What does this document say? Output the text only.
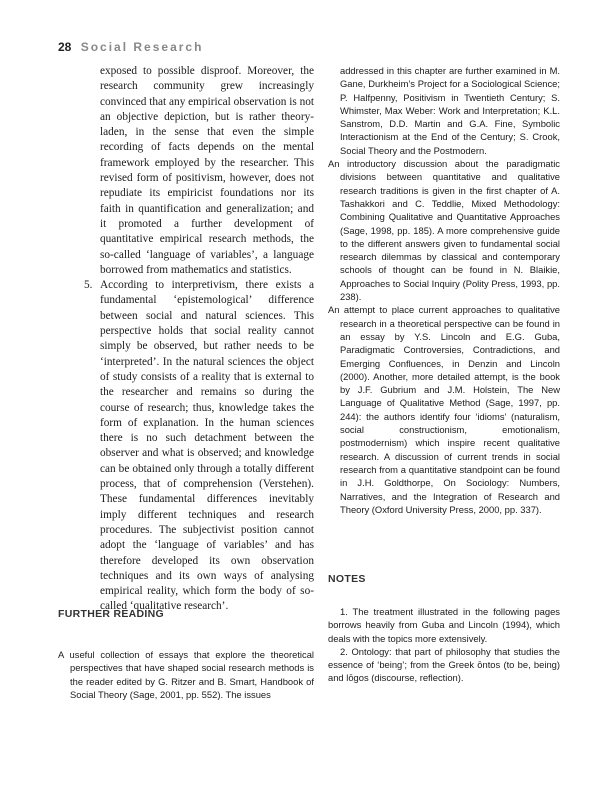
28 Social Research

exposed to possible disproof. Moreover, the research community grew increasingly convinced that any empirical observation is not an objective depiction, but is rather theory-laden, in the sense that even the simple recording of facts depends on the mental framework employed by the researcher. This revised form of positivism, however, does not repudiate its empiricist foundations nor its faith in quantification and generalization; and it promoted a further development of quantitative empirical research methods, the so-called ‘language of variables’, a language borrowed from mathematics and statistics.

5. According to interpretivism, there exists a fundamental ‘epistemological’ difference between social and natural sciences. This perspective holds that social reality cannot simply be observed, but rather needs to be ‘interpreted’. In the natural sciences the object of study consists of a reality that is external to the researcher and remains so during the course of research; thus, knowledge takes the form of explanation. In the human sciences there is no such detachment between the observer and what is observed; and knowledge can be obtained only through a totally different process, that of comprehension (Verstehen). These fundamental differences inevitably imply different techniques and research procedures. The subjectivist position cannot adopt the ‘language of variables’ and has therefore developed its own observation techniques and its own ways of analysing empirical reality, which form the body of so-called ‘qualitative research’.

addressed in this chapter are further examined in M. Gane, Durkheim’s Project for a Sociological Science; P. Halfpenny, Positivism in Twentieth Century; S. Whimster, Max Weber: Work and Interpretation; K.L. Sanstrom, D.D. Martin and G.A. Fine, Symbolic Interactionism at the End of the Century; S. Crook, Social Theory and the Postmodern.

An introductory discussion about the paradigmatic divisions between quantitative and qualitative research traditions is given in the first chapter of A. Tashakkori and C. Teddlie, Mixed Methodology: Combining Qualitative and Quantitative Approaches (Sage, 1998, pp. 185). A more comprehensive guide to the different answers given to fundamental social research dilemmas by classical and contemporary schools of thought can be found in N. Blaikie, Approaches to Social Inquiry (Polity Press, 1993, pp. 238).

An attempt to place current approaches to qualitative research in a theoretical perspective can be found in an essay by Y.S. Lincoln and E.G. Guba, Paradigmatic Controversies, Contradictions, and Emerging Confluences, in Denzin and Lincoln (2000). Another, more detailed attempt, is the book by J.F. Gubrium and J.M. Holstein, The New Language of Qualitative Method (Sage, 1997, pp. 244): the authors identify four ‘idioms’ (naturalism, social constructionism, emotionalism, postmodernism) which inspire recent qualitative research. A discussion of current trends in social research from a quantitative standpoint can be found in J.H. Goldthorpe, On Sociology: Numbers, Narratives, and the Integration of Research and Theory (Oxford University Press, 2000, pp. 337).

NOTES

1. The treatment illustrated in the following pages borrows heavily from Guba and Lincoln (1994), which deals with the topics more extensively.

2. Ontology: that part of philosophy that studies the essence of ‘being’; from the Greek ōntos (to be, being) and lōgos (discourse, reflection).

FURTHER READING

A useful collection of essays that explore the theoretical perspectives that have shaped social research methods is the reader edited by G. Ritzer and B. Smart, Handbook of Social Theory (Sage, 2001, pp. 552). The issues
